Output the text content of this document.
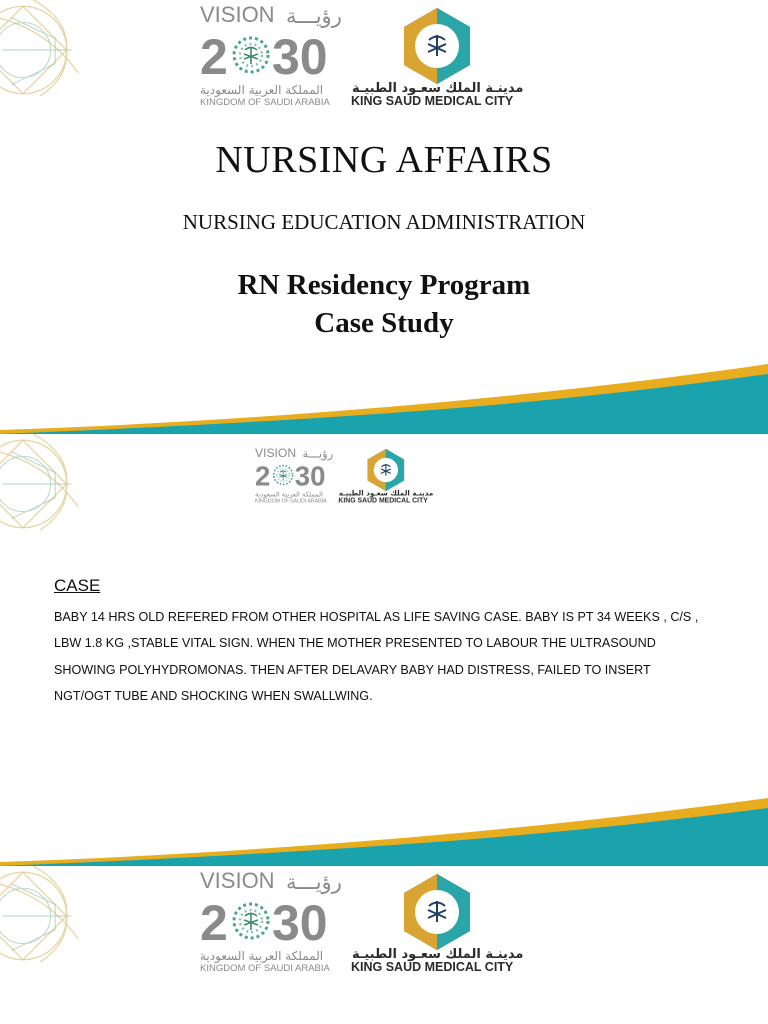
VISION رؤيـــة
2 30
المملكة العربية السعودية
KINGDOM OF SAUDI ARABIA
مدينـة الملك سعـود الطبيـة
KING SAUD MEDICAL CITY
NURSING AFFAIRS
NURSING EDUCATION ADMINISTRATION
RN Residency Program
Case Study
VISION رؤيـــة
2 30
المملكة العربية السعودية
KINGDOM OF SAUDI ARABIA
مدينـة الملك سعـود الطبيـة
KING SAUD MEDICAL CITY
CASE

BABY 14 HRS OLD REFERED FROM OTHER HOSPITAL AS LIFE SAVING CASE. BABY IS PT 34 WEEKS , C/S ,
LBW 1.8 KG ,STABLE VITAL SIGN. WHEN THE MOTHER PRESENTED TO LABOUR THE ULTRASOUND
SHOWING POLYHYDROMONAS. THEN AFTER DELAVARY BABY HAD DISTRESS, FAILED TO INSERT
NGT/OGT TUBE AND SHOCKING WHEN SWALLWING.

VISION رؤيـــة
2 30
المملكة العربية السعودية
KINGDOM OF SAUDI ARABIA
مدينـة الملك سعـود الطبيـة
KING SAUD MEDICAL CITY
